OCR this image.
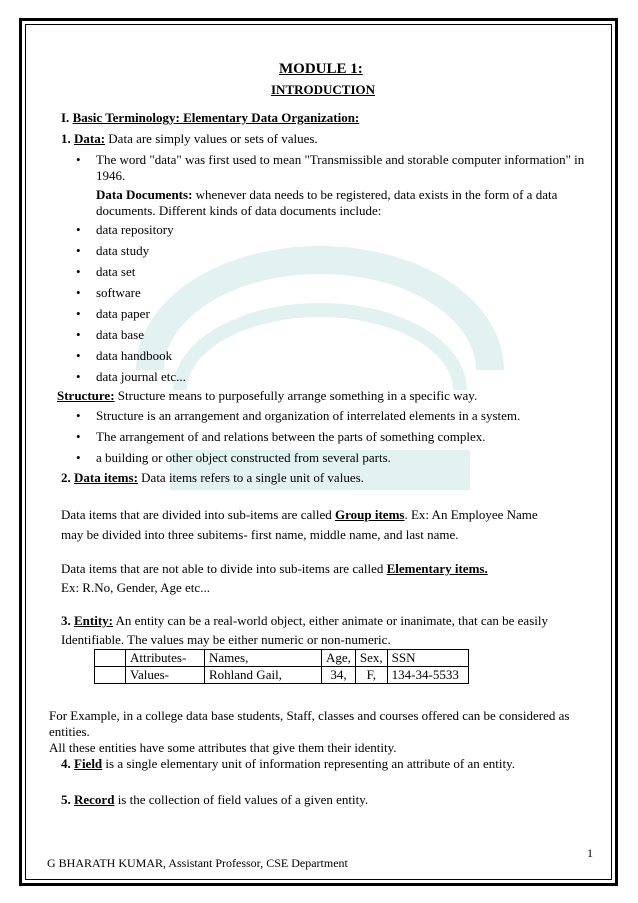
MODULE 1:
INTRODUCTION
I. Basic Terminology: Elementary Data Organization:
1. Data: Data are simply values or sets of values.
• The word "data" was first used to mean "Transmissible and storable computer information" in
1946.
Data Documents: whenever data needs to be registered, data exists in the form of a data
documents. Different kinds of data documents include:
• data repository
• data study
• data set
• software
• data paper
• data base
• data handbook
• data journal etc...
Structure: Structure means to purposefully arrange something in a specific way.
• Structure is an arrangement and organization of interrelated elements in a system.
• The arrangement of and relations between the parts of something complex.
• a building or other object constructed from several parts.
2. Data items: Data items refers to a single unit of values.
Data items that are divided into sub-items are called Group items. Ex: An Employee Name
may be divided into three subitems- first name, middle name, and last name.
Data items that are not able to divide into sub-items are called Elementary items.
Ex: R.No, Gender, Age etc...
3. Entity: An entity can be a real-world object, either animate or inanimate, that can be easily
Identifiable. The values may be either numeric or non-numeric.
	Attributes-	Names,	Age,	Sex,	SSN
	Values-	Rohland Gail,	34,	F,	134-34-5533
For Example, in a college data base students, Staff, classes and courses offered can be considered as
entities.
All these entities have some attributes that give them their identity.
4. Field is a single elementary unit of information representing an attribute of an entity.
5. Record is the collection of field values of a given entity.
1
G BHARATH KUMAR, Assistant Professor, CSE Department
